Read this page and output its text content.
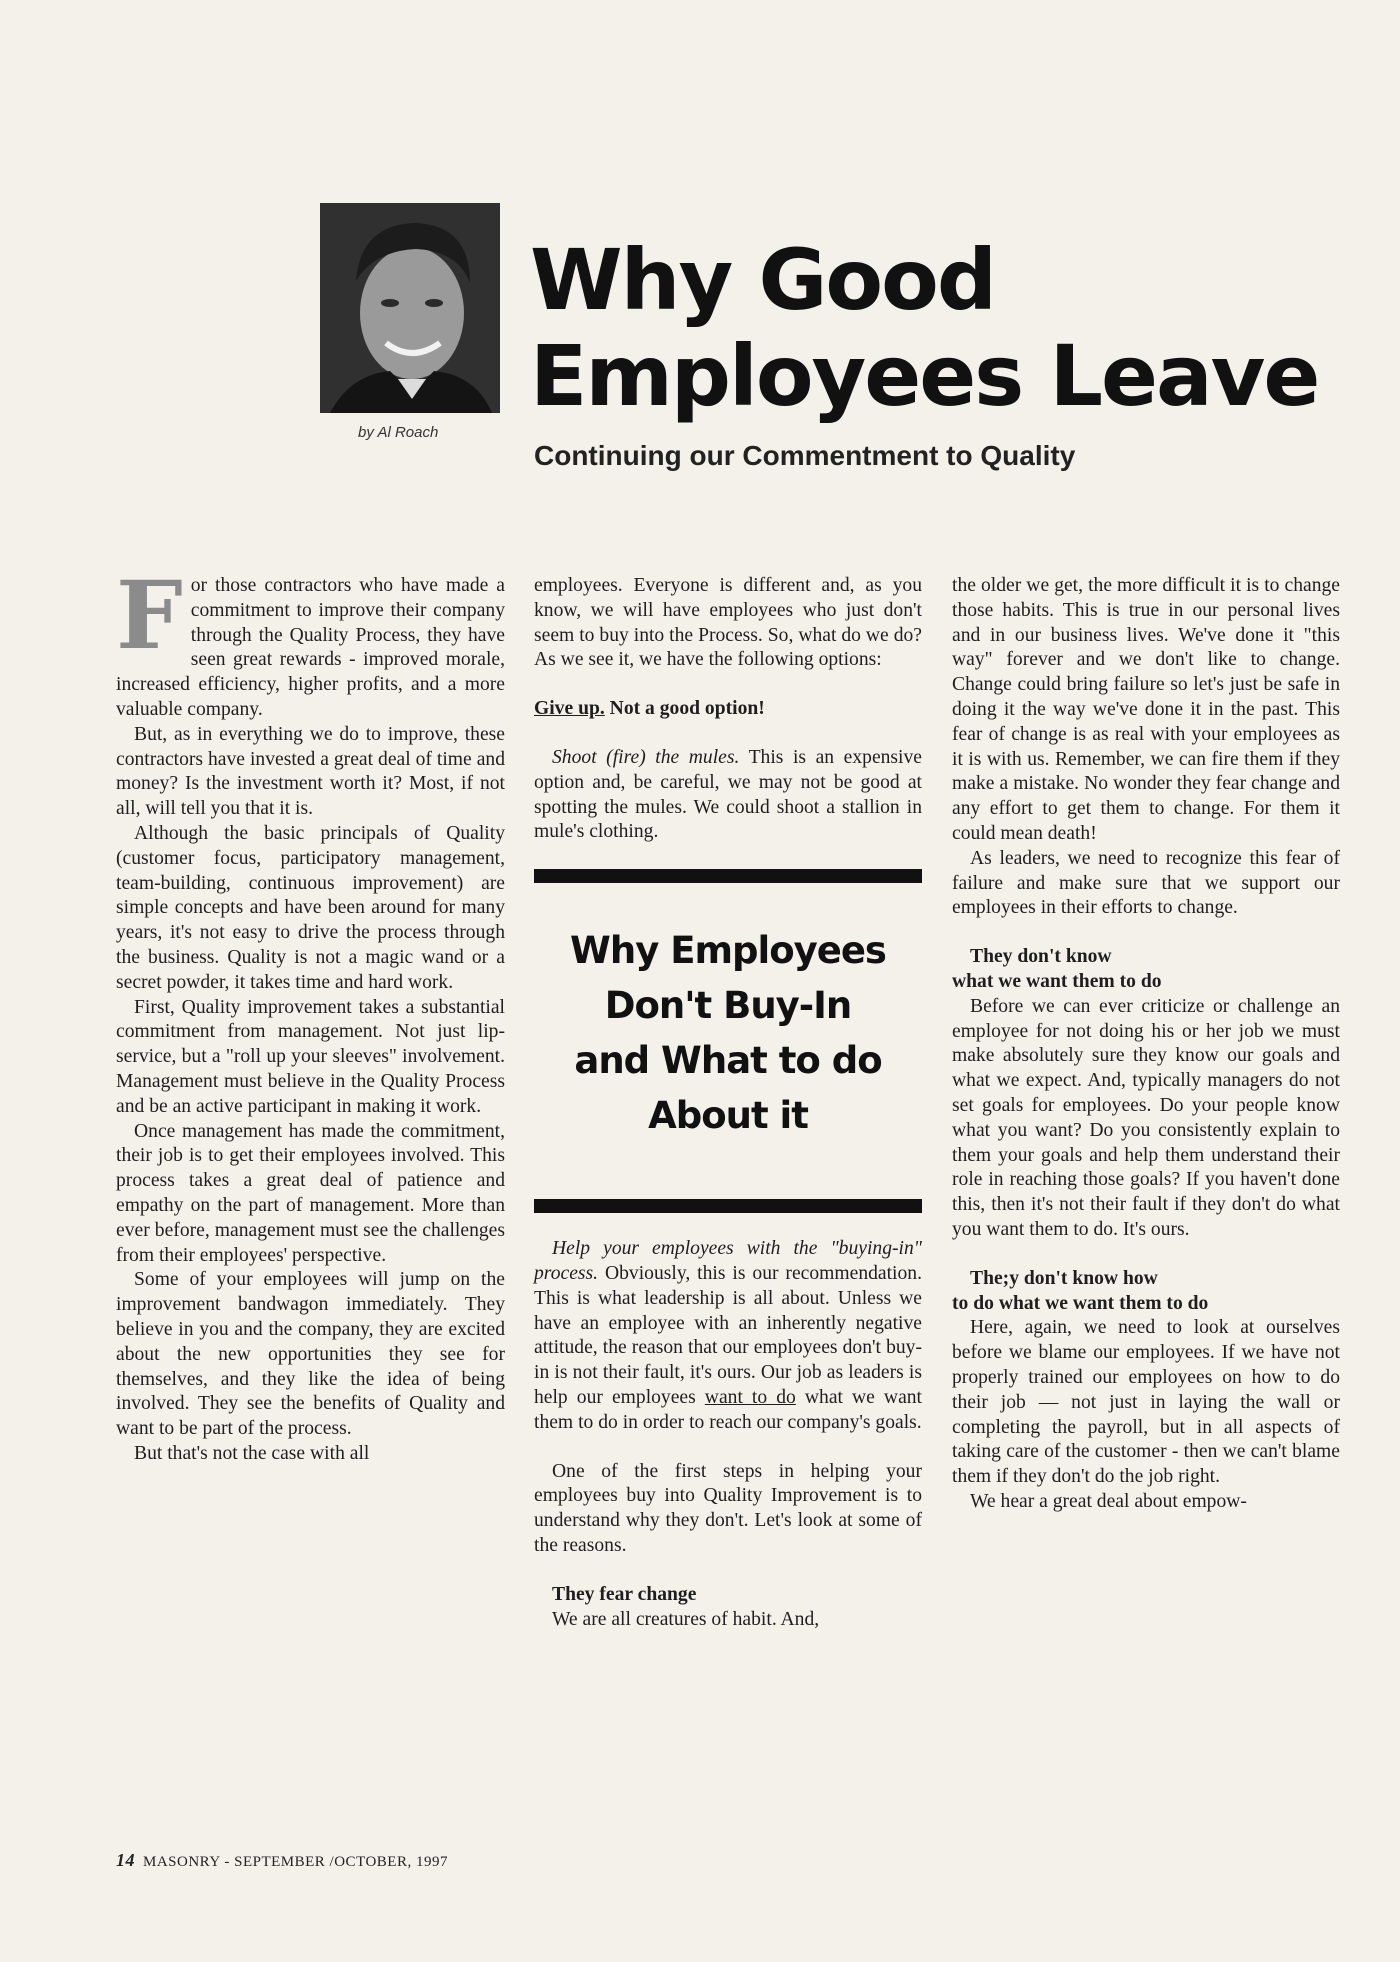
by Al Roach
Why Good
Employees Leave
Continuing our Commentment to Quality

For those contractors who have made a commitment to improve their company through the Quality Process, they have seen great rewards - improved morale, increased efficiency, higher profits, and a more valuable company.

But, as in everything we do to improve, these contractors have invested a great deal of time and money? Is the investment worth it? Most, if not all, will tell you that it is.

Although the basic principals of Quality (customer focus, participatory management, team-building, continuous improvement) are simple concepts and have been around for many years, it's not easy to drive the process through the business. Quality is not a magic wand or a secret powder, it takes time and hard work.

First, Quality improvement takes a substantial commitment from management. Not just lip-service, but a "roll up your sleeves" involvement. Management must believe in the Quality Process and be an active participant in making it work.

Once management has made the commitment, their job is to get their employees involved. This process takes a great deal of patience and empathy on the part of management. More than ever before, management must see the challenges from their employees' perspective.

Some of your employees will jump on the improvement bandwagon immediately. They believe in you and the company, they are excited about the new opportunities they see for themselves, and they like the idea of being involved. They see the benefits of Quality and want to be part of the process.

But that's not the case with all

employees. Everyone is different and, as you know, we will have employees who just don't seem to buy into the Process. So, what do we do? As we see it, we have the following options:

Give up. Not a good option!

Shoot (fire) the mules. This is an expensive option and, be careful, we may not be good at spotting the mules. We could shoot a stallion in mule's clothing.

Why Employees
Don't Buy-In
and What to do
About it

Help your employees with the "buying-in" process. Obviously, this is our recommendation. This is what leadership is all about. Unless we have an employee with an inherently negative attitude, the reason that our employees don't buy-in is not their fault, it's ours. Our job as leaders is help our employees want to do what we want them to do in order to reach our company's goals.

One of the first steps in helping your employees buy into Quality Improvement is to understand why they don't. Let's look at some of the reasons.

They fear change

We are all creatures of habit. And,

the older we get, the more difficult it is to change those habits. This is true in our personal lives and in our business lives. We've done it "this way" forever and we don't like to change. Change could bring failure so let's just be safe in doing it the way we've done it in the past. This fear of change is as real with your employees as it is with us. Remember, we can fire them if they make a mistake. No wonder they fear change and any effort to get them to change. For them it could mean death!

As leaders, we need to recognize this fear of failure and make sure that we support our employees in their efforts to change.

They don't know
what we want them to do

Before we can ever criticize or challenge an employee for not doing his or her job we must make absolutely sure they know our goals and what we expect. And, typically managers do not set goals for employees. Do your people know what you want? Do you consistently explain to them your goals and help them understand their role in reaching those goals? If you haven't done this, then it's not their fault if they don't do what you want them to do. It's ours.

The;y don't know how
to do what we want them to do

Here, again, we need to look at ourselves before we blame our employees. If we have not properly trained our employees on how to do their job — not just in laying the wall or completing the payroll, but in all aspects of taking care of the customer - then we can't blame them if they don't do the job right.

We hear a great deal about empow-

14 MASONRY - SEPTEMBER /OCTOBER, 1997
